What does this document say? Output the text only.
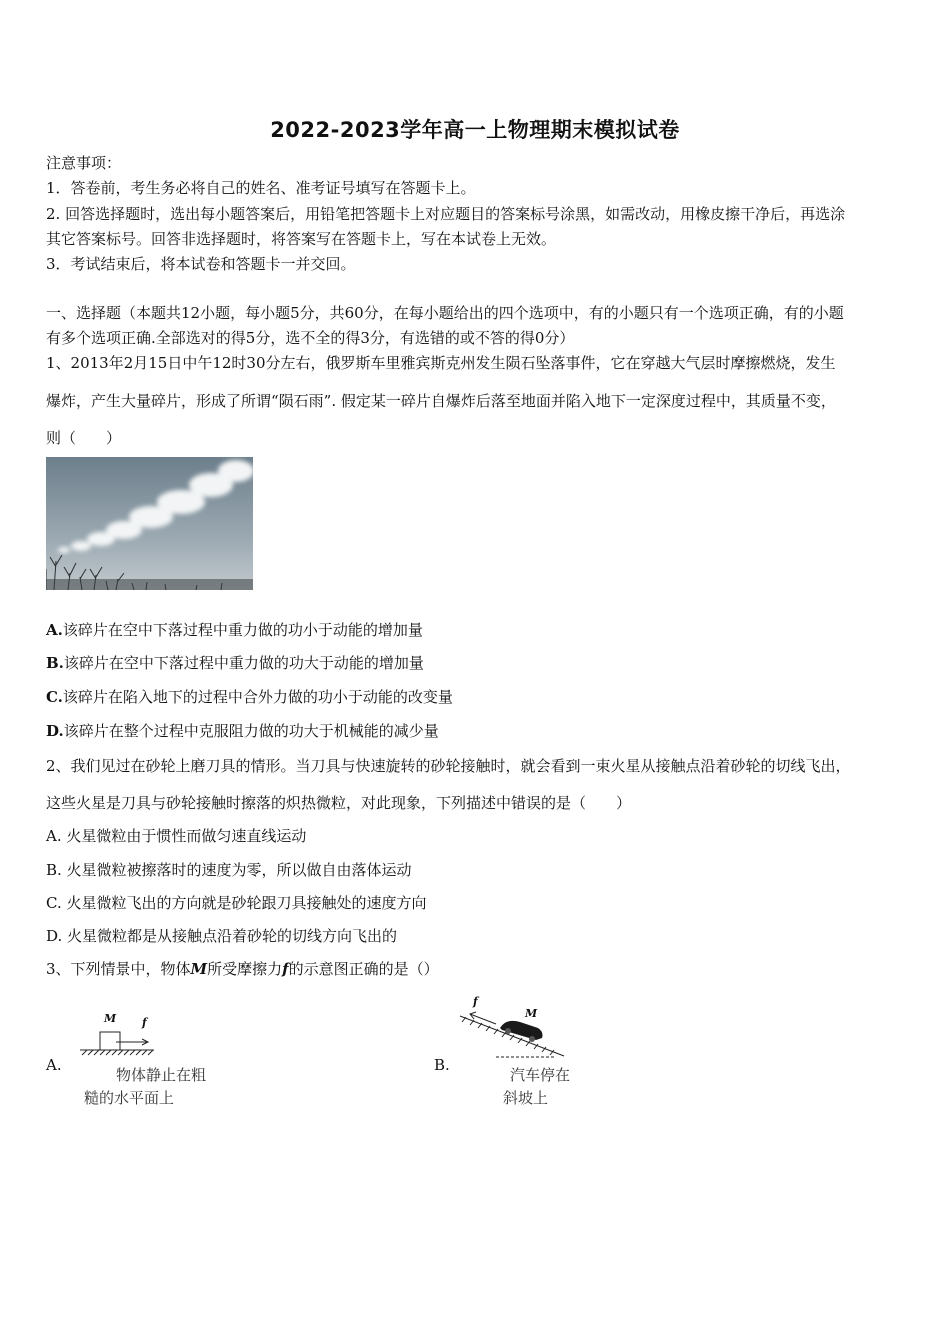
2022-2023学年高一上物理期末模拟试卷
注意事项：
1．答卷前，考生务必将自己的姓名、准考证号填写在答题卡上。
2. 回答选择题时，选出每小题答案后，用铅笔把答题卡上对应题目的答案标号涂黑，如需改动，用橡皮擦干净后，再选涂
其它答案标号。回答非选择题时，将答案写在答题卡上，写在本试卷上无效。
3．考试结束后，将本试卷和答题卡一并交回。
一、选择题（本题共12小题，每小题5分，共60分，在每小题给出的四个选项中，有的小题只有一个选项正确，有的小题
有多个选项正确.全部选对的得5分，选不全的得3分，有选错的或不答的得0分）
1、2013年2月15日中午12时30分左右，俄罗斯车里雅宾斯克州发生陨石坠落事件，它在穿越大气层时摩擦燃烧，发生
爆炸，产生大量碎片，形成了所谓“陨石雨”. 假定某一碎片自爆炸后落至地面并陷入地下一定深度过程中，其质量不变，
则（　　）
A.该碎片在空中下落过程中重力做的功小于动能的增加量
B.该碎片在空中下落过程中重力做的功大于动能的增加量
C.该碎片在陷入地下的过程中合外力做的功小于动能的改变量
D.该碎片在整个过程中克服阻力做的功大于机械能的减少量
2、我们见过在砂轮上磨刀具的情形。当刀具与快速旋转的砂轮接触时，就会看到一束火星从接触点沿着砂轮的切线飞出，
这些火星是刀具与砂轮接触时擦落的炽热微粒，对此现象，下列描述中错误的是（　　）
A. 火星微粒由于惯性而做匀速直线运动
B. 火星微粒被擦落时的速度为零，所以做自由落体运动
C. 火星微粒飞出的方向就是砂轮跟刀具接触处的速度方向
D. 火星微粒都是从接触点沿着砂轮的切线方向飞出的
3、下列情景中，物体M所受摩擦力f的示意图正确的是（）
A.
M f
物体静止在粗
糙的水平面上
B.
f
M
汽车停在
斜坡上
